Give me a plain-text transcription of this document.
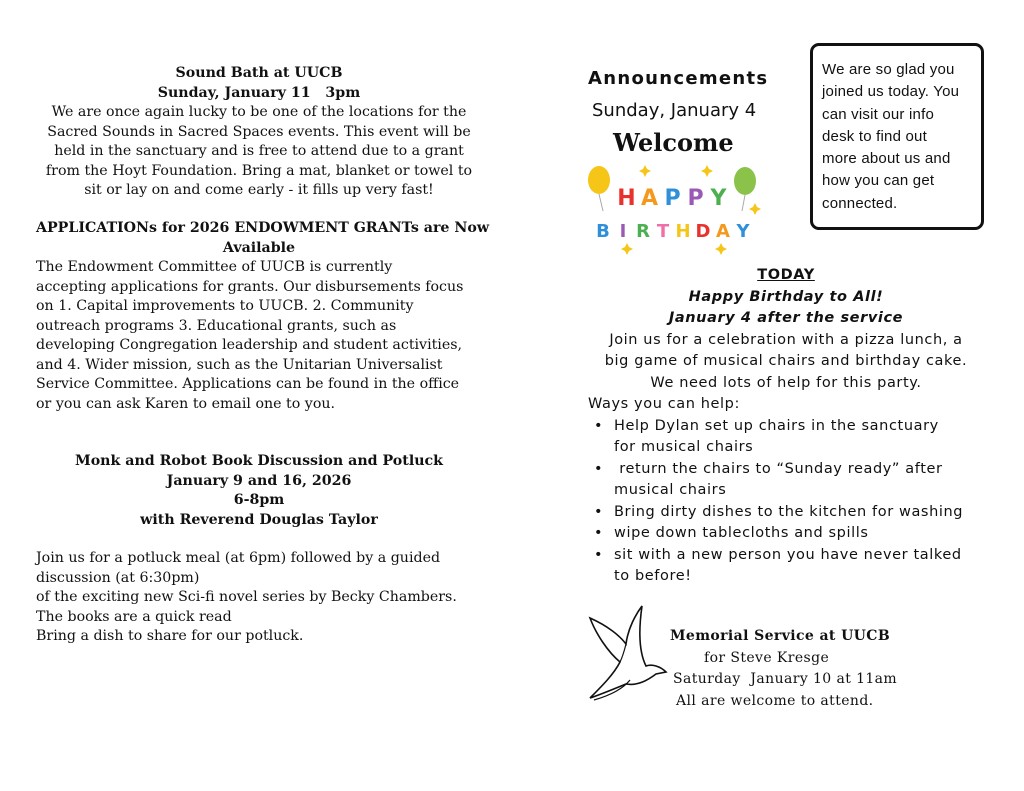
Sound Bath at UUCB
Sunday, January 11   3pm
We are once again lucky to be one of the locations for the
Sacred Sounds in Sacred Spaces events. This event will be
held in the sanctuary and is free to attend due to a grant
from the Hoyt Foundation. Bring a mat, blanket or towel to
sit or lay on and come early - it fills up very fast!
APPLICATIONs for 2026 ENDOWMENT GRANTs are Now
Available
The Endowment Committee of UUCB is currently
accepting applications for grants. Our disbursements focus
on 1. Capital improvements to UUCB. 2. Community
outreach programs 3. Educational grants, such as
developing Congregation leadership and student activities,
and 4. Wider mission, such as the Unitarian Universalist
Service Committee. Applications can be found in the office
or you can ask Karen to email one to you.
Monk and Robot Book Discussion and Potluck
January 9 and 16, 2026
6-8pm
with Reverend Douglas Taylor
Join us for a potluck meal (at 6pm) followed by a guided
discussion (at 6:30pm)
of the exciting new Sci-fi novel series by Becky Chambers.
The books are a quick read
Bring a dish to share for our potluck.
Announcements
Sunday, January 4
Welcome
H A P P Y
B I R T H D A Y
We are so glad you
joined us today. You
can visit our info
desk to find out
more about us and
how you can get
connected.
TODAY
Happy Birthday to All!
January 4 after the service
Join us for a celebration with a pizza lunch, a
big game of musical chairs and birthday cake.
We need lots of help for this party.
Ways you can help:
• Help Dylan set up chairs in the sanctuary
for musical chairs
•  return the chairs to “Sunday ready” after
musical chairs
• Bring dirty dishes to the kitchen for washing
• wipe down tablecloths and spills
• sit with a new person you have never talked
to before!
Memorial Service at UUCB
for Steve Kresge
Saturday  January 10 at 11am
All are welcome to attend.
